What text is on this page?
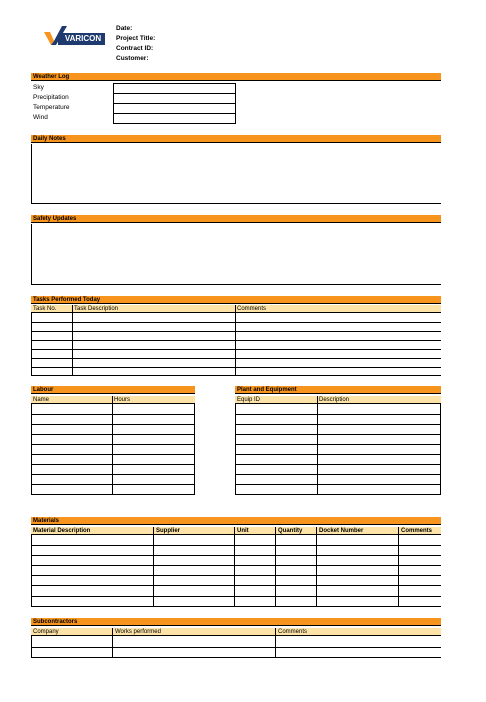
VARICON
Date:
Project Title:
Contract ID:
Customer:
Weather Log
Sky
Precipitation
Temperature
Wind
Daily Notes
Safety Updates
Tasks Performed Today
Task No.	Task Description	Comments
Labour
Name	Hours
Plant and Equipment
Equip ID	Description
Materials
Material Description	Supplier	Unit	Quantity	Docket Number	Comments
Subcontractors
Company	Works performed	Comments
